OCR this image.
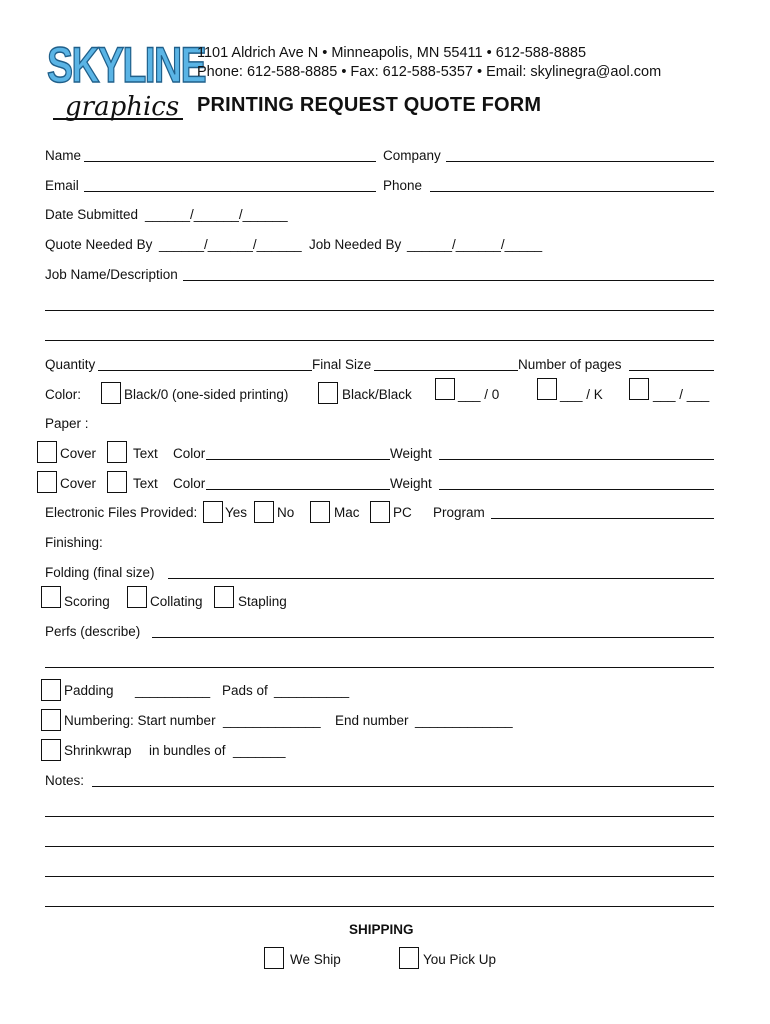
SKYLINE
graphics
1101 Aldrich Ave N • Minneapolis, MN 55411 • 612-588-8885
Phone: 612-588-8885 • Fax: 612-588-5357 • Email: skylinegra@aol.com
PRINTING REQUEST QUOTE FORM
Name	Company
Email	Phone
Date Submitted ______/______/______
Quote Needed By ______/______/______ Job Needed By ______/______/_____
Job Name/Description
Quantity	Final Size	Number of pages
Color:	Black/0 (one-sided printing)	Black/Black	___ / 0	___ / K	___ / ___
Paper :
Cover	Text Color	Weight
Cover	Text Color	Weight
Electronic Files Provided: Yes No	Mac PC Program
Finishing:
Folding (final size)
Scoring	Collating	Stapling
Perfs (describe)
Padding __________ Pads of __________
Numbering: Start number _____________ End number _____________
Shrinkwrap in bundles of _______
Notes:
SHIPPING
We Ship	You Pick Up
